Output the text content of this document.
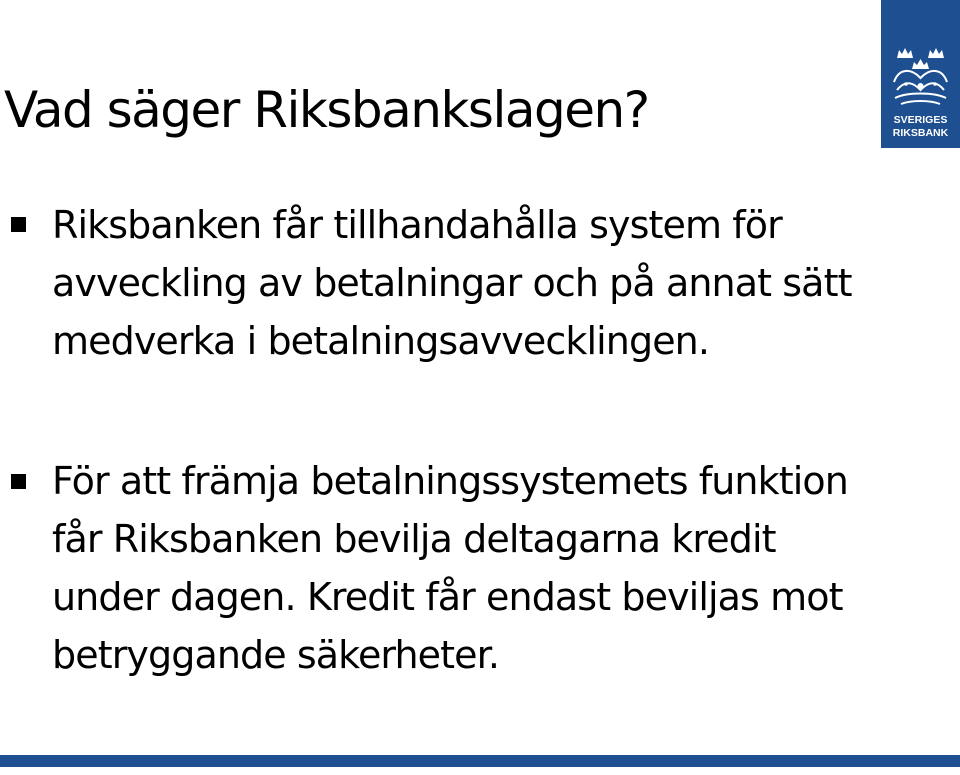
Vad säger Riksbankslagen?	SVERIGES
RIKSBANK

Riksbanken får tillhandahålla system för
avveckling av betalningar och på annat sätt
medverka i betalningsavvecklingen.

För att främja betalningssystemets funktion
får Riksbanken bevilja deltagarna kredit
under dagen. Kredit får endast beviljas mot
betryggande säkerheter.
